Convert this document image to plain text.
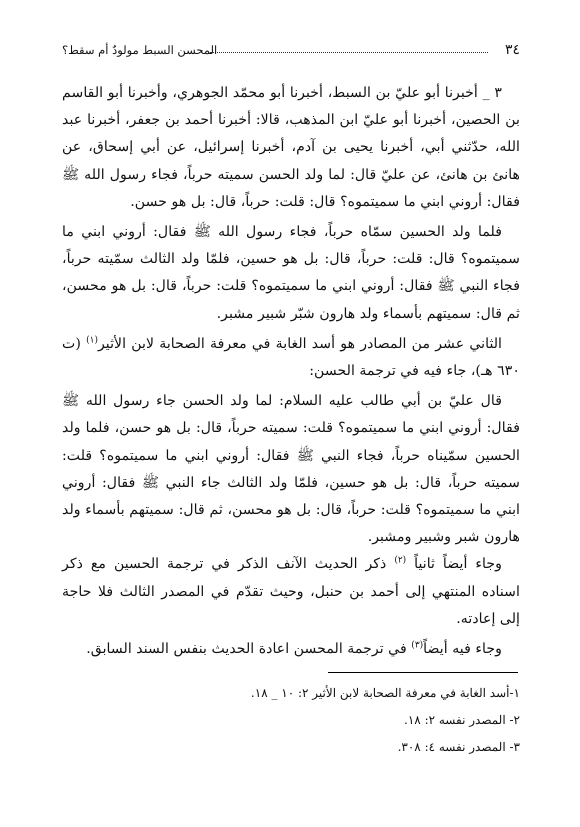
٣٤
المحسن السبط مولودٌ أم سقط؟

٣ _ أخبرنا أبو عليّ بن السبط، أخبرنا أبو محمّد الجوهري، وأخبرنا أبو القاسم بن الحصين، أخبرنا أبو عليّ ابن المذهب، قالا: أخبرنا أحمد بن جعفر، أخبرنا عبد الله، حدّثني أبي، أخبرنا يحيى بن آدم، أخبرنا إسرائيل، عن أبي إسحاق، عن هانئ بن هانئ، عن عليّ قال: لما ولد الحسن سميته حرباً، فجاء رسول الله ﷺ فقال: أروني ابني ما سميتموه؟ قال: قلت: حرباً، قال: بل هو حسن.

فلما ولد الحسين سمّاه حرباً، فجاء رسول الله ﷺ فقال: أروني ابني ما سميتموه؟ قال: قلت: حرباً، قال: بل هو حسين، فلمّا ولد الثالث سمّيته حرباً، فجاء النبي ﷺ فقال: أروني ابني ما سميتموه؟ قلت: حرباً، قال: بل هو محسن، ثم قال: سميتهم بأسماء ولد هارون شبّر شبير مشبر.

الثاني عشر من المصادر هو أسد الغابة في معرفة الصحابة لابن الأثير$^{(١)}$ (ت ٦٣٠ هـ)، جاء فيه في ترجمة الحسن:

قال عليّ بن أبي طالب عليه السلام: لما ولد الحسن جاء رسول الله ﷺ فقال: أروني ابني ما سميتموه؟ قلت: سميته حرباً، قال: بل هو حسن، فلما ولد الحسين سمّيناه حرباً، فجاء النبي ﷺ فقال: أروني ابني ما سميتموه؟ قلت: سميته حرباً، قال: بل هو حسين، فلمّا ولد الثالث جاء النبي ﷺ فقال: أروني ابني ما سميتموه؟ قلت: حرباً، قال: بل هو محسن، ثم قال: سميتهم بأسماء ولد هارون شبر وشبير ومشبر.

وجاء أيضاً ثانياً $^{(٢)}$ ذكر الحديث الآنف الذكر في ترجمة الحسين مع ذكر اسناده المنتهي إلى أحمد بن حنبل، وحيث تقدّم في المصدر الثالث فلا حاجة إلى إعادته.

وجاء فيه أيضاً$^{(٣)}$ في ترجمة المحسن اعادة الحديث بنفس السند السابق.

١-أسد الغابة في معرفة الصحابة لابن الأثير ٢: ١٠ _ ١٨.
٢- المصدر نفسه ٢: ١٨.
٣- المصدر نفسه ٤: ٣٠٨.
